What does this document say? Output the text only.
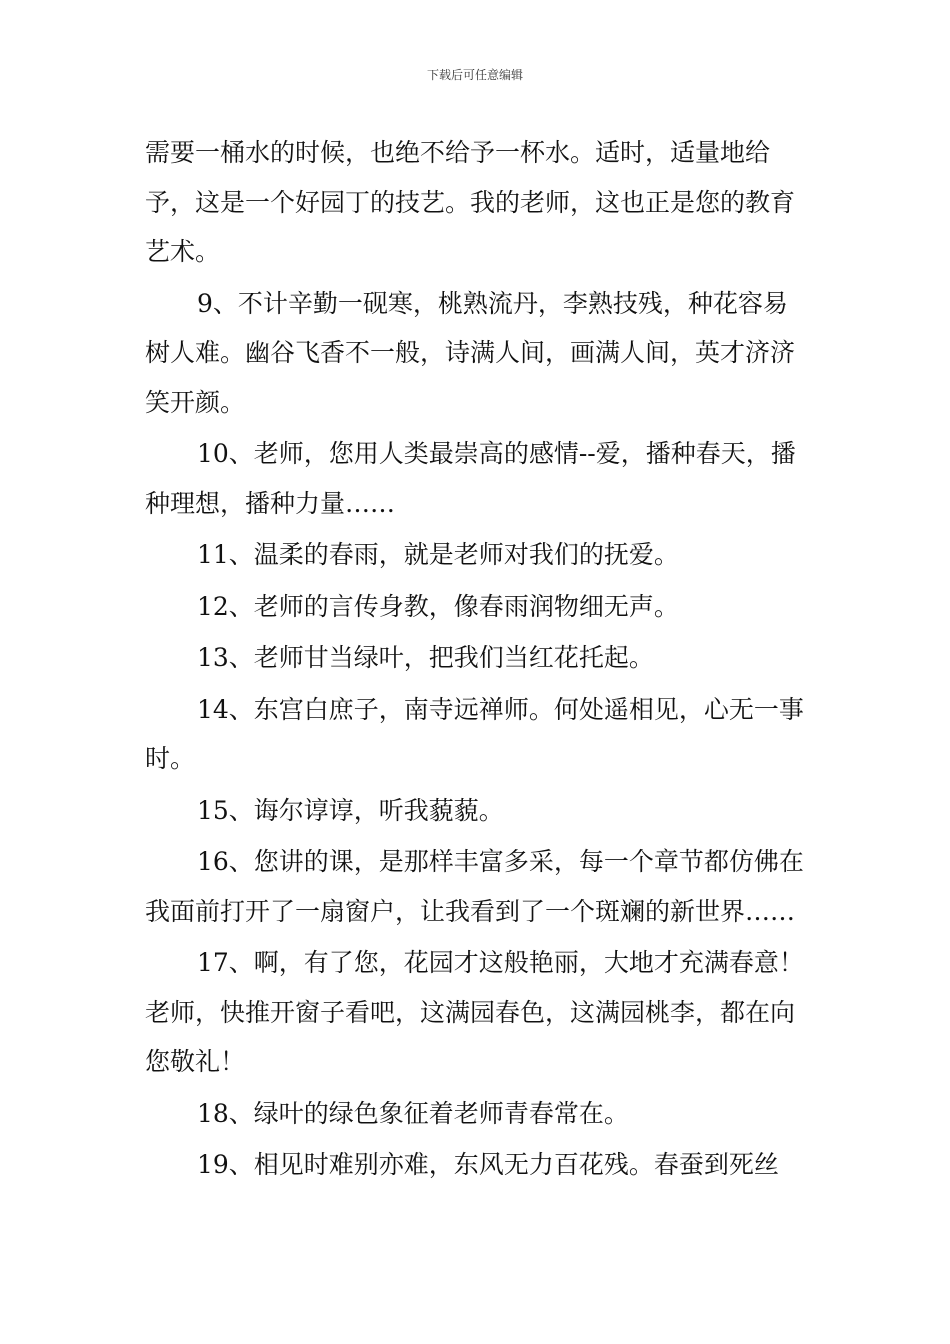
下载后可任意编辑

需要一桶水的时候，也绝不给予一杯水。适时，适量地给予，这是一个好园丁的技艺。我的老师，这也正是您的教育艺术。

9、不计辛勤一砚寒，桃熟流丹，李熟技残，种花容易树人难。幽谷飞香不一般，诗满人间，画满人间，英才济济笑开颜。

10、老师，您用人类最崇高的感情--爱，播种春天，播种理想，播种力量……

11、温柔的春雨，就是老师对我们的抚爱。

12、老师的言传身教，像春雨润物细无声。

13、老师甘当绿叶，把我们当红花托起。

14、东宫白庶子，南寺远禅师。何处遥相见，心无一事时。

15、诲尔谆谆，听我藐藐。

16、您讲的课，是那样丰富多采，每一个章节都仿佛在我面前打开了一扇窗户，让我看到了一个斑斓的新世界……

17、啊，有了您，花园才这般艳丽，大地才充满春意！老师，快推开窗子看吧，这满园春色，这满园桃李，都在向您敬礼！

18、绿叶的绿色象征着老师青春常在。

19、相见时难别亦难，东风无力百花残。春蚕到死丝
